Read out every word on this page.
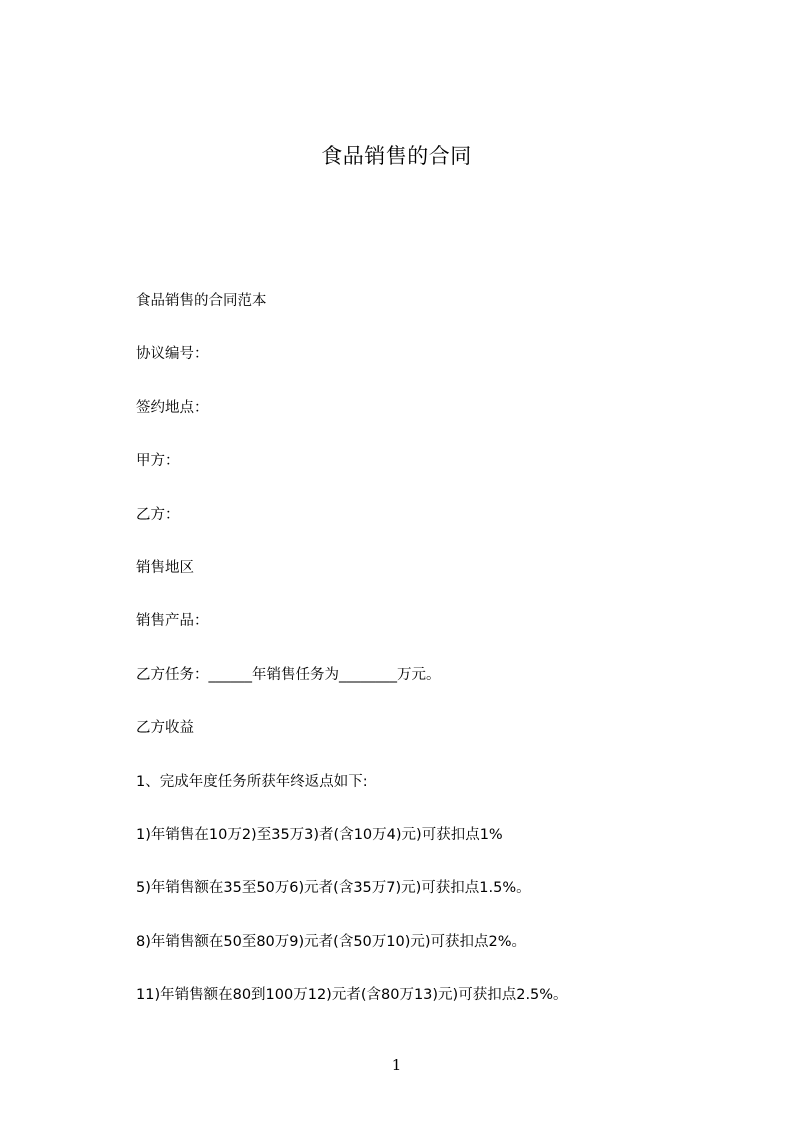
食品销售的合同
食品销售的合同范本
协议编号：
签约地点：
甲方：
乙方：
销售地区
销售产品：
乙方任务：______年销售任务为________万元。
乙方收益
1、完成年度任务所获年终返点如下:
1)年销售在10万2)至35万3)者(含10万4)元)可获扣点1%
5)年销售额在35至50万6)元者(含35万7)元)可获扣点1.5%。
8)年销售额在50至80万9)元者(含50万10)元)可获扣点2%。
11)年销售额在80到100万12)元者(含80万13)元)可获扣点2.5%。
1
